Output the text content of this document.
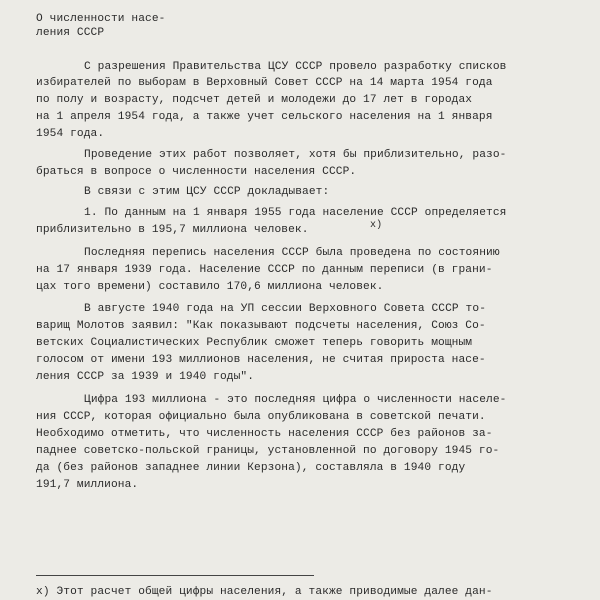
О численности насе-

ления СССР

С разрешения Правительства ЦСУ СССР провело разработку списков

избирателей по выборам в Верховный Совет СССР на 14 марта 1954 года

по полу и возрасту, подсчет детей и молодежи до 17 лет в городах

на 1 апреля 1954 года, а также учет сельского населения на 1 января

1954 года.

Проведение этих работ позволяет, хотя бы приблизительно, разо-

браться в вопросе о численности населения СССР.

В связи с этим ЦСУ СССР докладывает:

1. По данным на 1 января 1955 года население СССР определяется

приблизительно в 195,7 миллиона человек.	x)

Последняя перепись населения СССР была проведена по состоянию

на 17 января 1939 года. Население СССР по данным переписи (в грани-

цах того времени) составило 170,6 миллиона человек.

В августе 1940 года на УП сессии Верховного Совета СССР то-

варищ Молотов заявил: "Как показывают подсчеты населения, Союз Со-

ветских Социалистических Республик сможет теперь говорить мощным

голосом от имени 193 миллионов населения, не считая прироста насе-

ления СССР за 1939 и 1940 годы".

Цифра 193 миллиона - это последняя цифра о численности населе-

ния СССР, которая официально была опубликована в советской печати.

Необходимо отметить, что численность населения СССР без районов за-

паднее советско-польской границы, установленной по договору 1945 го-

да (без районов западнее линии Керзона), составляла в 1940 году

191,7 миллиона.

x) Этот расчет общей цифры населения, а также приводимые далее дан-
